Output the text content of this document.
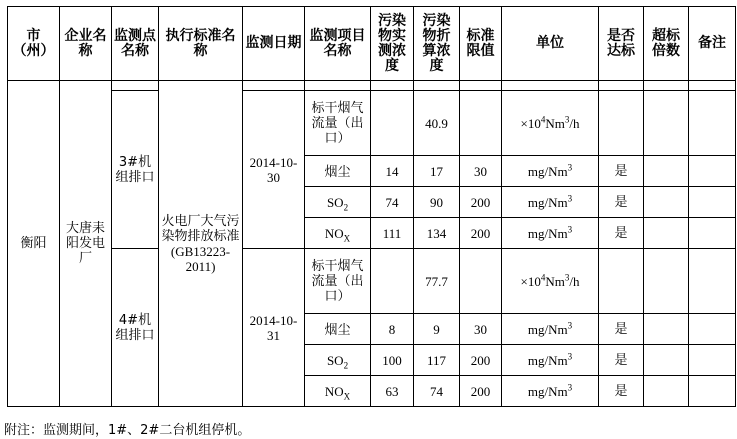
市（州）	企业名称	监测点名称	执行标准名称	监测日期	监测项目名称	污染物实测浓度	污染物折算浓度	标准限值	单位	是否达标	超标倍数	备注
衡阳	大唐耒阳发电厂		火电厂大气污染物排放标准
(GB13223-2011)									

		3#机组排口		2014-10-30	标干烟气流量（出口）		40.9		$\times 10^4Nm^3/h$			
					烟尘	14	17	30	mg/Nm$^3$	是		
					$SO_2$	74	90	200	mg/Nm$^3$	是		
					$NO_X$	111	134	200	mg/Nm$^3$	是		
		4#机组排口		2014-10-31	标干烟气流量（出口）		77.7		$\times 10^4Nm^3/h$			
					烟尘	8	9	30	mg/Nm$^3$	是		
					$SO_2$	100	117	200	mg/Nm$^3$	是		
					$NO_X$	63	74	200	mg/Nm$^3$	是		
附注：监测期间，1#、2#二台机组停机。
